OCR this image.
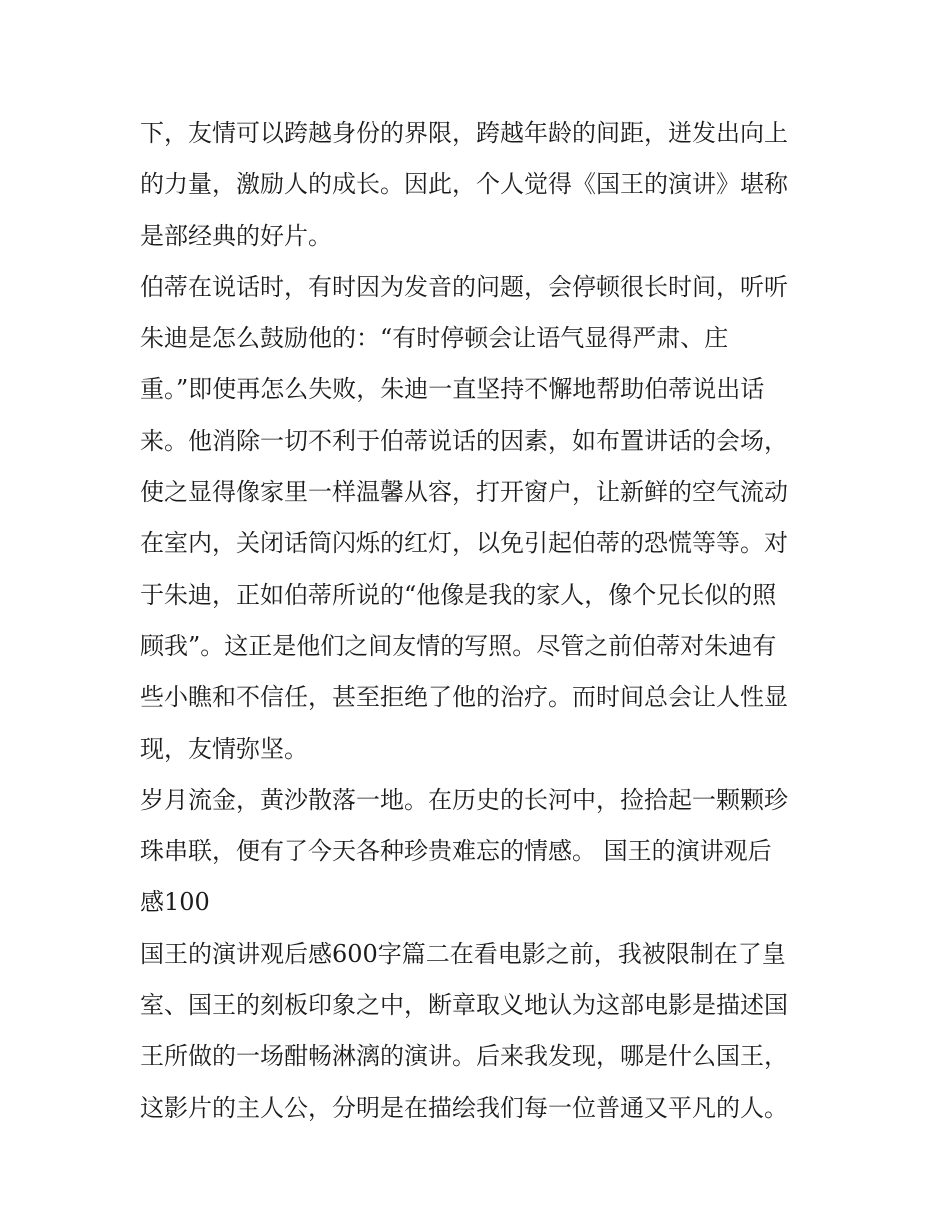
下，友情可以跨越身份的界限，跨越年龄的间距，迸发出向上
的力量，激励人的成长。因此，个人觉得《国王的演讲》堪称
是部经典的好片。
伯蒂在说话时，有时因为发音的问题，会停顿很长时间，听听
朱迪是怎么鼓励他的：“有时停顿会让语气显得严肃、庄
重。”即使再怎么失败，朱迪一直坚持不懈地帮助伯蒂说出话
来。他消除一切不利于伯蒂说话的因素，如布置讲话的会场，
使之显得像家里一样温馨从容，打开窗户，让新鲜的空气流动
在室内，关闭话筒闪烁的红灯，以免引起伯蒂的恐慌等等。对
于朱迪，正如伯蒂所说的“他像是我的家人，像个兄长似的照
顾我”。这正是他们之间友情的写照。尽管之前伯蒂对朱迪有
些小瞧和不信任，甚至拒绝了他的治疗。而时间总会让人性显
现，友情弥坚。
岁月流金，黄沙散落一地。在历史的长河中，捡拾起一颗颗珍
珠串联，便有了今天各种珍贵难忘的情感。 国王的演讲观后
感100
国王的演讲观后感600字篇二在看电影之前，我被限制在了皇
室、国王的刻板印象之中，断章取义地认为这部电影是描述国
王所做的一场酣畅淋漓的演讲。后来我发现，哪是什么国王，
这影片的主人公，分明是在描绘我们每一位普通又平凡的人。
